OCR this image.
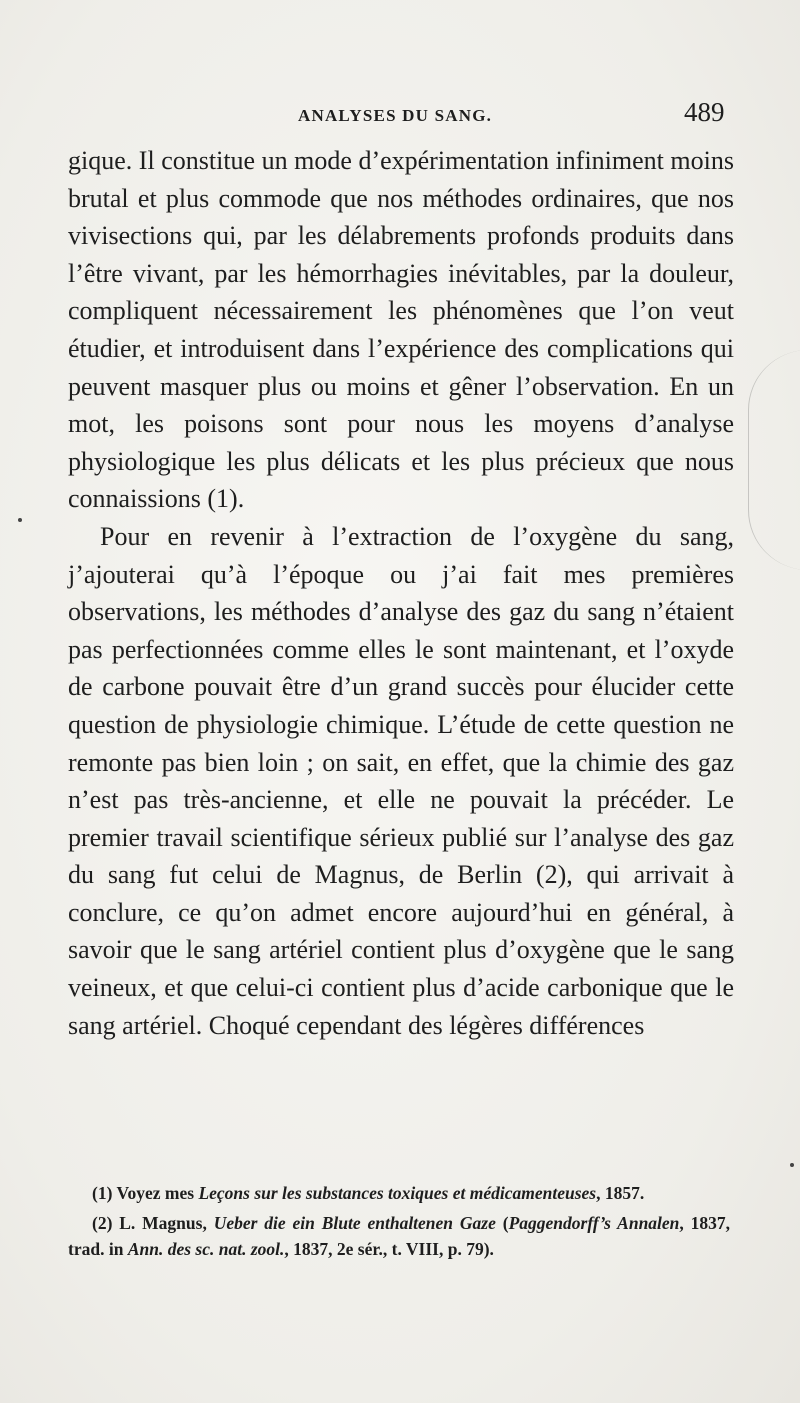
ANALYSES DU SANG.	489

gique. Il constitue un mode d’expérimentation infiniment moins brutal et plus commode que nos méthodes ordinaires, que nos vivisections qui, par les délabrements profonds produits dans l’être vivant, par les hémorrhagies inévitables, par la douleur, compliquent nécessairement les phénomènes que l’on veut étudier, et introduisent dans l’expérience des complications qui peuvent masquer plus ou moins et gêner l’observation. En un mot, les poisons sont pour nous les moyens d’analyse physiologique les plus délicats et les plus précieux que nous connaissions (1).

Pour en revenir à l’extraction de l’oxygène du sang, j’ajouterai qu’à l’époque ou j’ai fait mes premières observations, les méthodes d’analyse des gaz du sang n’étaient pas perfectionnées comme elles le sont maintenant, et l’oxyde de carbone pouvait être d’un grand succès pour élucider cette question de physiologie chimique. L’étude de cette question ne remonte pas bien loin ; on sait, en effet, que la chimie des gaz n’est pas très-ancienne, et elle ne pouvait la précéder. Le premier travail scientifique sérieux publié sur l’analyse des gaz du sang fut celui de Magnus, de Berlin (2), qui arrivait à conclure, ce qu’on admet encore aujourd’hui en général, à savoir que le sang artériel contient plus d’oxygène que le sang veineux, et que celui-ci contient plus d’acide carbonique que le sang artériel. Choqué cependant des légères différences

(1) Voyez mes Leçons sur les substances toxiques et médicamenteuses, 1857.

(2) L. Magnus, Ueber die ein Blute enthaltenen Gaze (Paggendorff’s Annalen, 1837, trad. in Ann. des sc. nat. zool., 1837, 2e sér., t. VIII, p. 79).
